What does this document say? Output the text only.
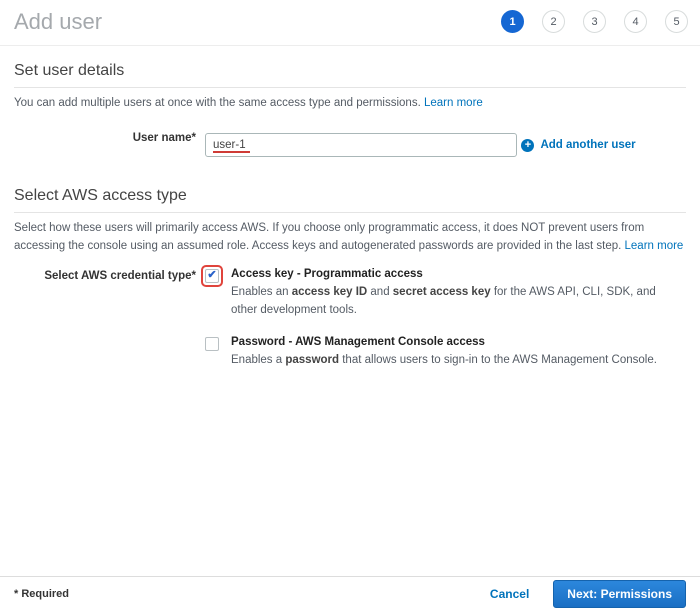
Add user	1	2	3	4	5
Set user details
You can add multiple users at once with the same access type and permissions. Learn more
User name*
user-1

+ Add another user
Select AWS access type
Select how these users will primarily access AWS. If you choose only programmatic access, it does NOT prevent users from accessing the console using an assumed role. Access keys and autogenerated passwords are provided in the last step. Learn more
Select AWS credential type* ✔ Access key - Programmatic access
Enables an access key ID and secret access key for the AWS API, CLI, SDK, and other development tools.
Password - AWS Management Console access
Enables a password that allows users to sign-in to the AWS Management Console.
* Required	Cancel	Next: Permissions
